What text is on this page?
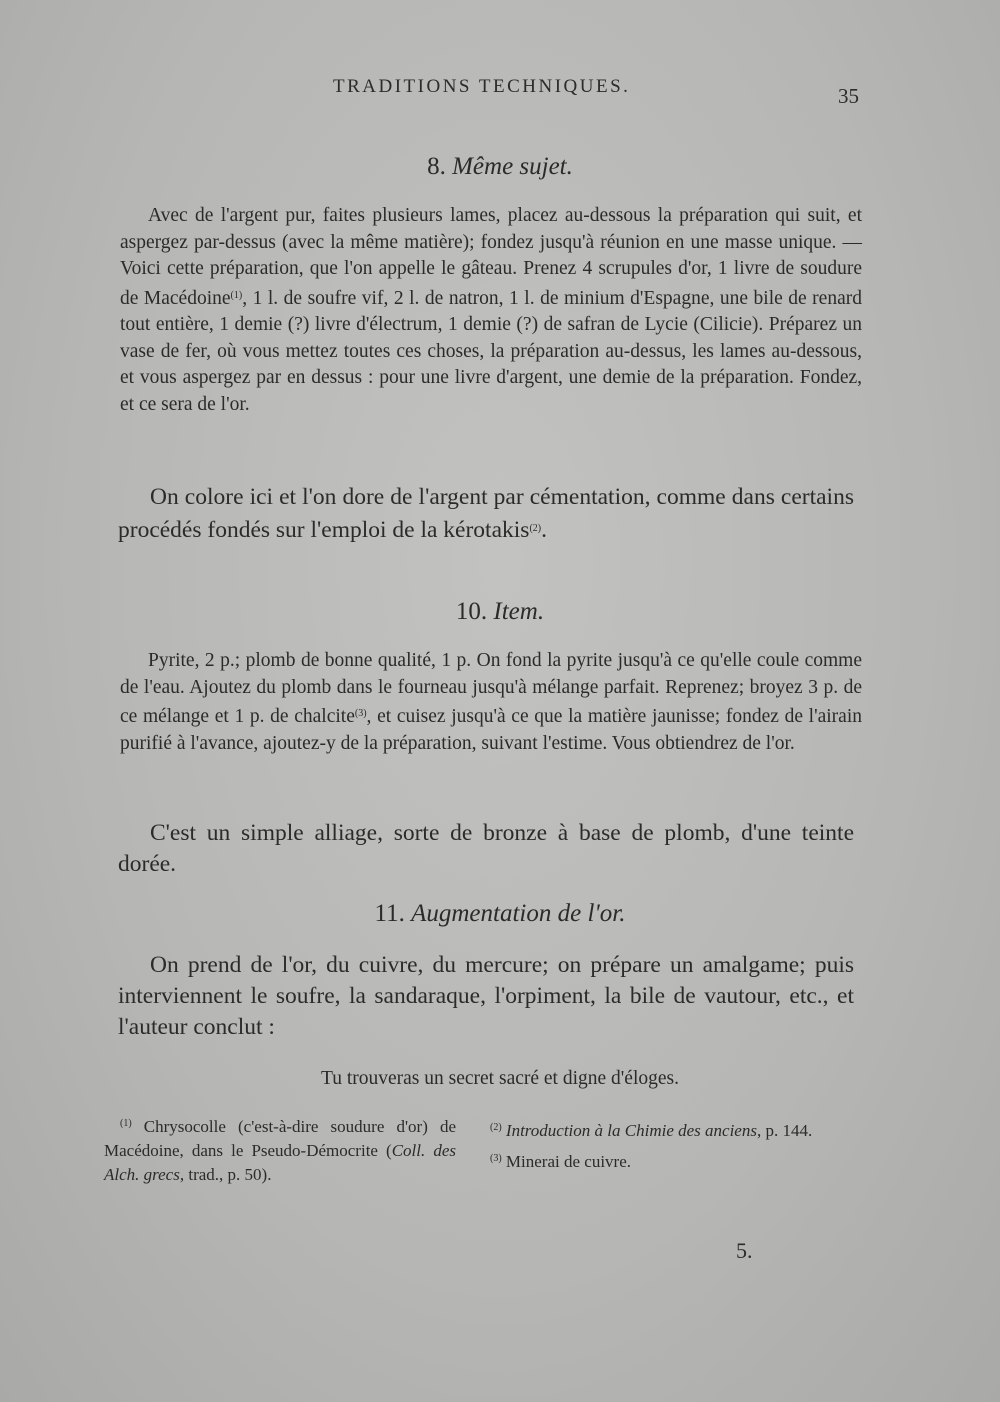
TRADITIONS TECHNIQUES.	35
8. Même sujet.

Avec de l'argent pur, faites plusieurs lames, placez au-dessous la préparation qui suit, et aspergez par-dessus (avec la même matière); fondez jusqu'à réunion en une masse unique. — Voici cette préparation, que l'on appelle le gâteau. Prenez 4 scrupules d'or, 1 livre de soudure de Macédoine$^{(1)}$, 1 l. de soufre vif, 2 l. de natron, 1 l. de minium d'Espagne, une bile de renard tout entière, 1 demie (?) livre d'électrum, 1 demie (?) de safran de Lycie (Cilicie). Préparez un vase de fer, où vous mettez toutes ces choses, la préparation au-dessus, les lames au-dessous, et vous aspergez par en dessus : pour une livre d'argent, une demie de la préparation. Fondez, et ce sera de l'or.

On colore ici et l'on dore de l'argent par cémentation, comme dans certains procédés fondés sur l'emploi de la kérotakis$^{(2)}$.

10. Item.

Pyrite, 2 p.; plomb de bonne qualité, 1 p. On fond la pyrite jusqu'à ce qu'elle coule comme de l'eau. Ajoutez du plomb dans le fourneau jusqu'à mélange parfait. Reprenez; broyez 3 p. de ce mélange et 1 p. de chalcite$^{(3)}$, et cuisez jusqu'à ce que la matière jaunisse; fondez de l'airain purifié à l'avance, ajoutez-y de la préparation, suivant l'estime. Vous obtiendrez de l'or.

C'est un simple alliage, sorte de bronze à base de plomb, d'une teinte dorée.

11. Augmentation de l'or.

On prend de l'or, du cuivre, du mercure; on prépare un amalgame; puis interviennent le soufre, la sandaraque, l'orpiment, la bile de vautour, etc., et l'auteur conclut :

Tu trouveras un secret sacré et digne d'éloges.

$^{(1)}$ Chrysocolle (c'est-à-dire soudure d'or) de Macédoine, dans le Pseudo-Démocrite (Coll. des Alch. grecs, trad., p. 50).

$^{(2)}$ Introduction à la Chimie des anciens, p. 144.
$^{(3)}$ Minerai de cuivre.
5.
